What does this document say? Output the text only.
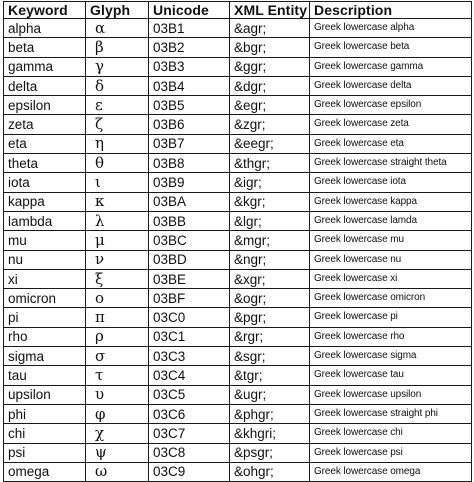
Keyword	Glyph	Unicode	XML Entity	Description
alpha	α	03B1	&agr;	Greek lowercase alpha
beta	β	03B2	&bgr;	Greek lowercase beta
gamma	γ	03B3	&ggr;	Greek lowercase gamma
delta	δ	03B4	&dgr;	Greek lowercase delta
epsilon	ε	03B5	&egr;	Greek lowercase epsilon
zeta	ζ	03B6	&zgr;	Greek lowercase zeta
eta	η	03B7	&eegr;	Greek lowercase eta
theta	θ	03B8	&thgr;	Greek lowercase straight theta
iota	ι	03B9	&igr;	Greek lowercase iota
kappa	κ	03BA	&kgr;	Greek lowercase kappa
lambda	λ	03BB	&lgr;	Greek lowercase lamda
mu	μ	03BC	&mgr;	Greek lowercase mu
nu	ν	03BD	&ngr;	Greek lowercase nu
xi	ξ	03BE	&xgr;	Greek lowercase xi
omicron	ο	03BF	&ogr;	Greek lowercase omicron
pi	π	03C0	&pgr;	Greek lowercase pi
rho	ρ	03C1	&rgr;	Greek lowercase rho
sigma	σ	03C3	&sgr;	Greek lowercase sigma
tau	τ	03C4	&tgr;	Greek lowercase tau
upsilon	υ	03C5	&ugr;	Greek lowercase upsilon
phi	φ	03C6	&phgr;	Greek lowercase straight phi
chi	χ	03C7	&khgri;	Greek lowercase chi
psi	ψ	03C8	&psgr;	Greek lowercase psi
omega	ω	03C9	&ohgr;	Greek lowercase omega
